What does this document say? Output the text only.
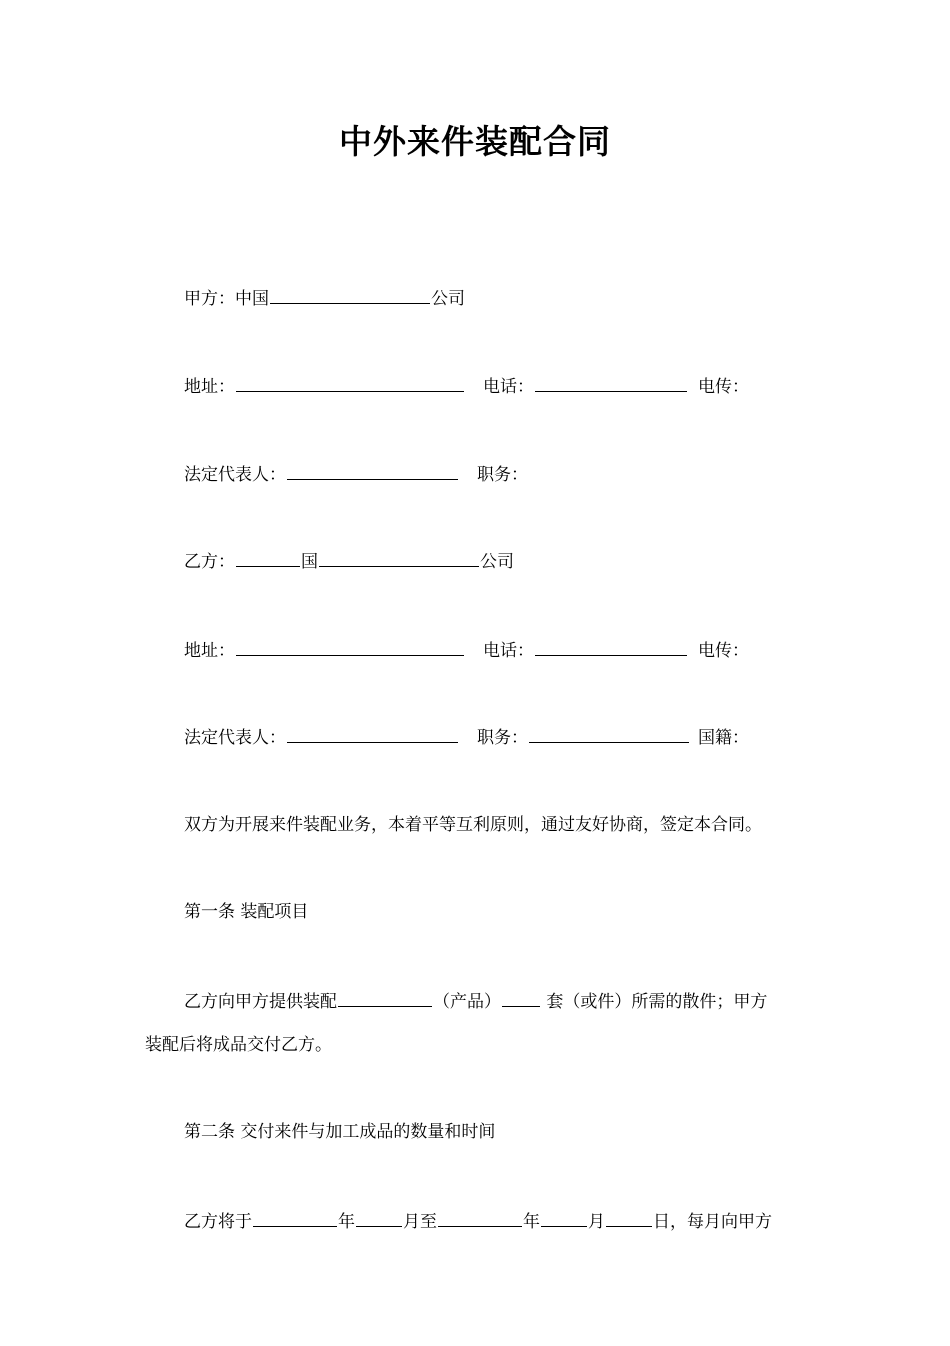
中外来件装配合同
甲方：中国	公司
地址：	电话：	电传：
法定代表人：	职务：
乙方：	国	公司
地址：	电话：	电传：
法定代表人：	职务：	国籍：
双方为开展来件装配业务，本着平等互利原则，通过友好协商，签定本合同。
第一条 装配项目
乙方向甲方提供装配	（产品） 套（或件）所需的散件；甲方
装配后将成品交付乙方。
第二条 交付来件与加工成品的数量和时间
乙方将于	年	月至	年	月	日，每月向甲方
